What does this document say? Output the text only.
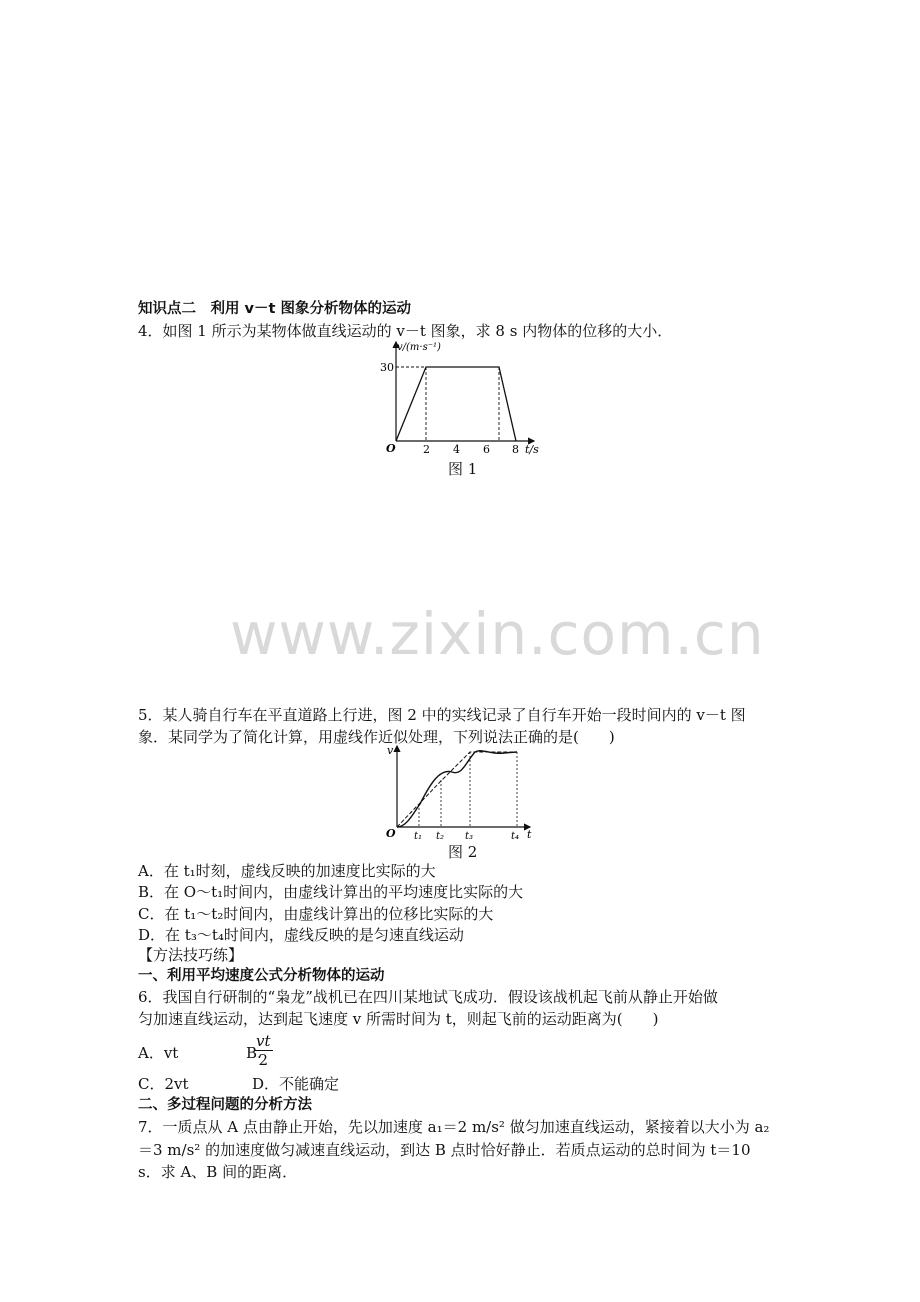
www.zixin.com.cn
知识点二　利用 v－t 图象分析物体的运动
4．如图 1 所示为某物体做直线运动的 v－t 图象，求 8 s 内物体的位移的大小．
v/(m·s⁻¹)
30
O 2 4 6 8 t/s
图 1
5．某人骑自行车在平直道路上行进，图 2 中的实线记录了自行车开始一段时间内的 v－t 图
象．某同学为了简化计算，用虚线作近似处理，下列说法正确的是(　　)
v
O t₁ t₂ t₃	t₄ t
图 2
A．在 t₁时刻，虚线反映的加速度比实际的大
B．在 O～t₁时间内，由虚线计算出的平均速度比实际的大
C．在 t₁～t₂时间内，由虚线计算出的位移比实际的大
D．在 t₃～t₄时间内，虚线反映的是匀速直线运动
【方法技巧练】
一、利用平均速度公式分析物体的运动
6．我国自行研制的“枭龙”战机已在四川某地试飞成功．假设该战机起飞前从静止开始做
匀加速直线运动，达到起飞速度 v 所需时间为 t，则起飞前的运动距离为(　　)
A．vt	B.
$\frac{vt}{2}$
C．2vt	D．不能确定
二、多过程问题的分析方法
7．一质点从 A 点由静止开始，先以加速度 a₁＝2 m/s² 做匀加速直线运动，紧接着以大小为 a₂
＝3 m/s² 的加速度做匀减速直线运动，到达 B 点时恰好静止．若质点运动的总时间为 t＝10
s．求 A、B 间的距离．
